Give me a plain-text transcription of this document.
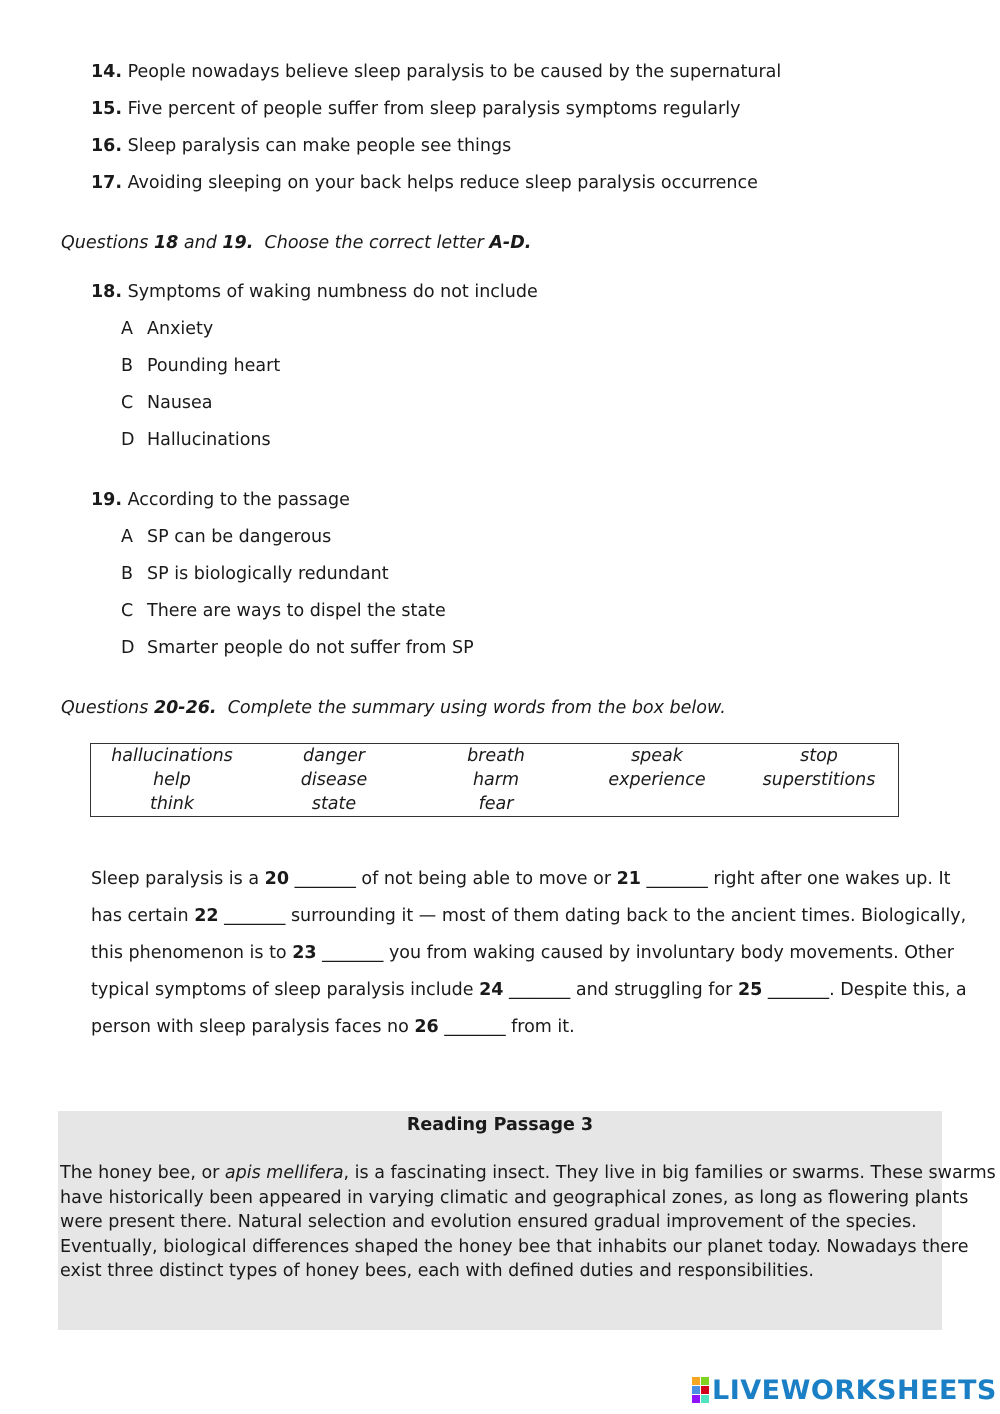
14. People nowadays believe sleep paralysis to be caused by the supernatural
15. Five percent of people suffer from sleep paralysis symptoms regularly
16. Sleep paralysis can make people see things
17. Avoiding sleeping on your back helps reduce sleep paralysis occurrence
Questions 18 and 19.  Choose the correct letter A-D.
18. Symptoms of waking numbness do not include
A Anxiety
B Pounding heart
C Nausea
D Hallucinations
19. According to the passage
A SP can be dangerous
B SP is biologically redundant
C There are ways to dispel the state
D Smarter people do not suffer from SP
Questions 20-26.  Complete the summary using words from the box below.
hallucinations	danger	breath	speak	stop
help	disease	harm	experience	superstitions
think	state	fear
Sleep paralysis is a 20 _______ of not being able to move or 21 _______ right after one wakes up. It
has certain 22 _______ surrounding it — most of them dating back to the ancient times. Biologically,
this phenomenon is to 23 _______ you from waking caused by involuntary body movements. Other
typical symptoms of sleep paralysis include 24 _______ and struggling for 25 _______. Despite this, a
person with sleep paralysis faces no 26 _______ from it.
Reading Passage 3
The honey bee, or apis mellifera, is a fascinating insect. They live in big families or swarms. These swarms
have historically been appeared in varying climatic and geographical zones, as long as flowering plants
were present there. Natural selection and evolution ensured gradual improvement of the species.
Eventually, biological differences shaped the honey bee that inhabits our planet today. Nowadays there
exist three distinct types of honey bees, each with defined duties and responsibilities.
LIVEWORKSHEETS
